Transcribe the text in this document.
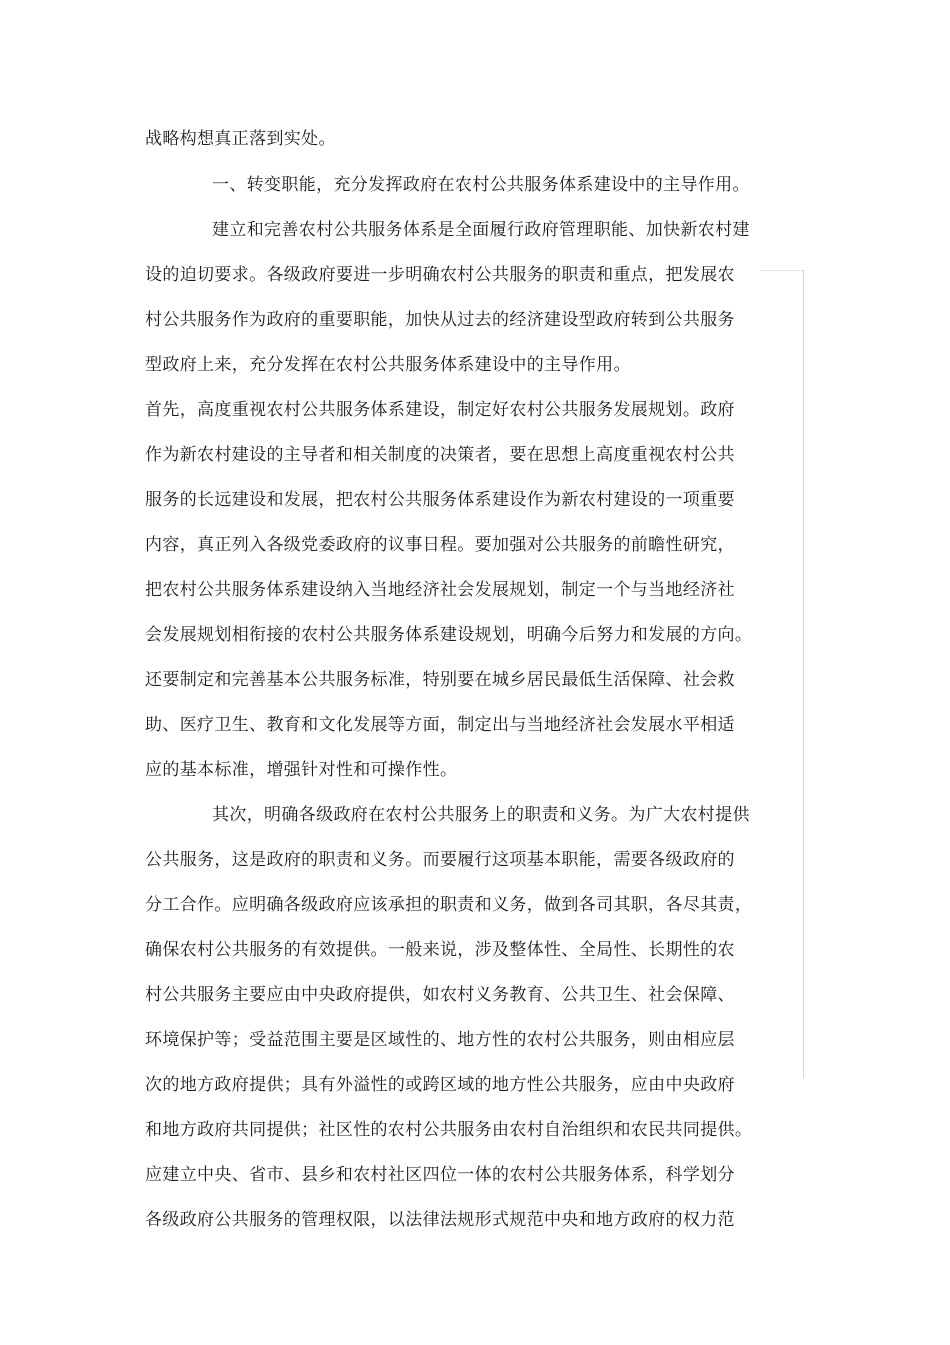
战略构想真正落到实处。
一、转变职能，充分发挥政府在农村公共服务体系建设中的主导作用。
建立和完善农村公共服务体系是全面履行政府管理职能、加快新农村建
设的迫切要求。各级政府要进一步明确农村公共服务的职责和重点，把发展农
村公共服务作为政府的重要职能，加快从过去的经济建设型政府转到公共服务
型政府上来，充分发挥在农村公共服务体系建设中的主导作用。
首先，高度重视农村公共服务体系建设，制定好农村公共服务发展规划。政府
作为新农村建设的主导者和相关制度的决策者，要在思想上高度重视农村公共
服务的长远建设和发展，把农村公共服务体系建设作为新农村建设的一项重要
内容，真正列入各级党委政府的议事日程。要加强对公共服务的前瞻性研究，
把农村公共服务体系建设纳入当地经济社会发展规划，制定一个与当地经济社
会发展规划相衔接的农村公共服务体系建设规划，明确今后努力和发展的方向。
还要制定和完善基本公共服务标准，特别要在城乡居民最低生活保障、社会救
助、医疗卫生、教育和文化发展等方面，制定出与当地经济社会发展水平相适
应的基本标准，增强针对性和可操作性。
其次，明确各级政府在农村公共服务上的职责和义务。为广大农村提供
公共服务，这是政府的职责和义务。而要履行这项基本职能，需要各级政府的
分工合作。应明确各级政府应该承担的职责和义务，做到各司其职，各尽其责，
确保农村公共服务的有效提供。一般来说，涉及整体性、全局性、长期性的农
村公共服务主要应由中央政府提供，如农村义务教育、公共卫生、社会保障、
环境保护等；受益范围主要是区域性的、地方性的农村公共服务，则由相应层
次的地方政府提供；具有外溢性的或跨区域的地方性公共服务，应由中央政府
和地方政府共同提供；社区性的农村公共服务由农村自治组织和农民共同提供。
应建立中央、省市、县乡和农村社区四位一体的农村公共服务体系，科学划分
各级政府公共服务的管理权限，以法律法规形式规范中央和地方政府的权力范
